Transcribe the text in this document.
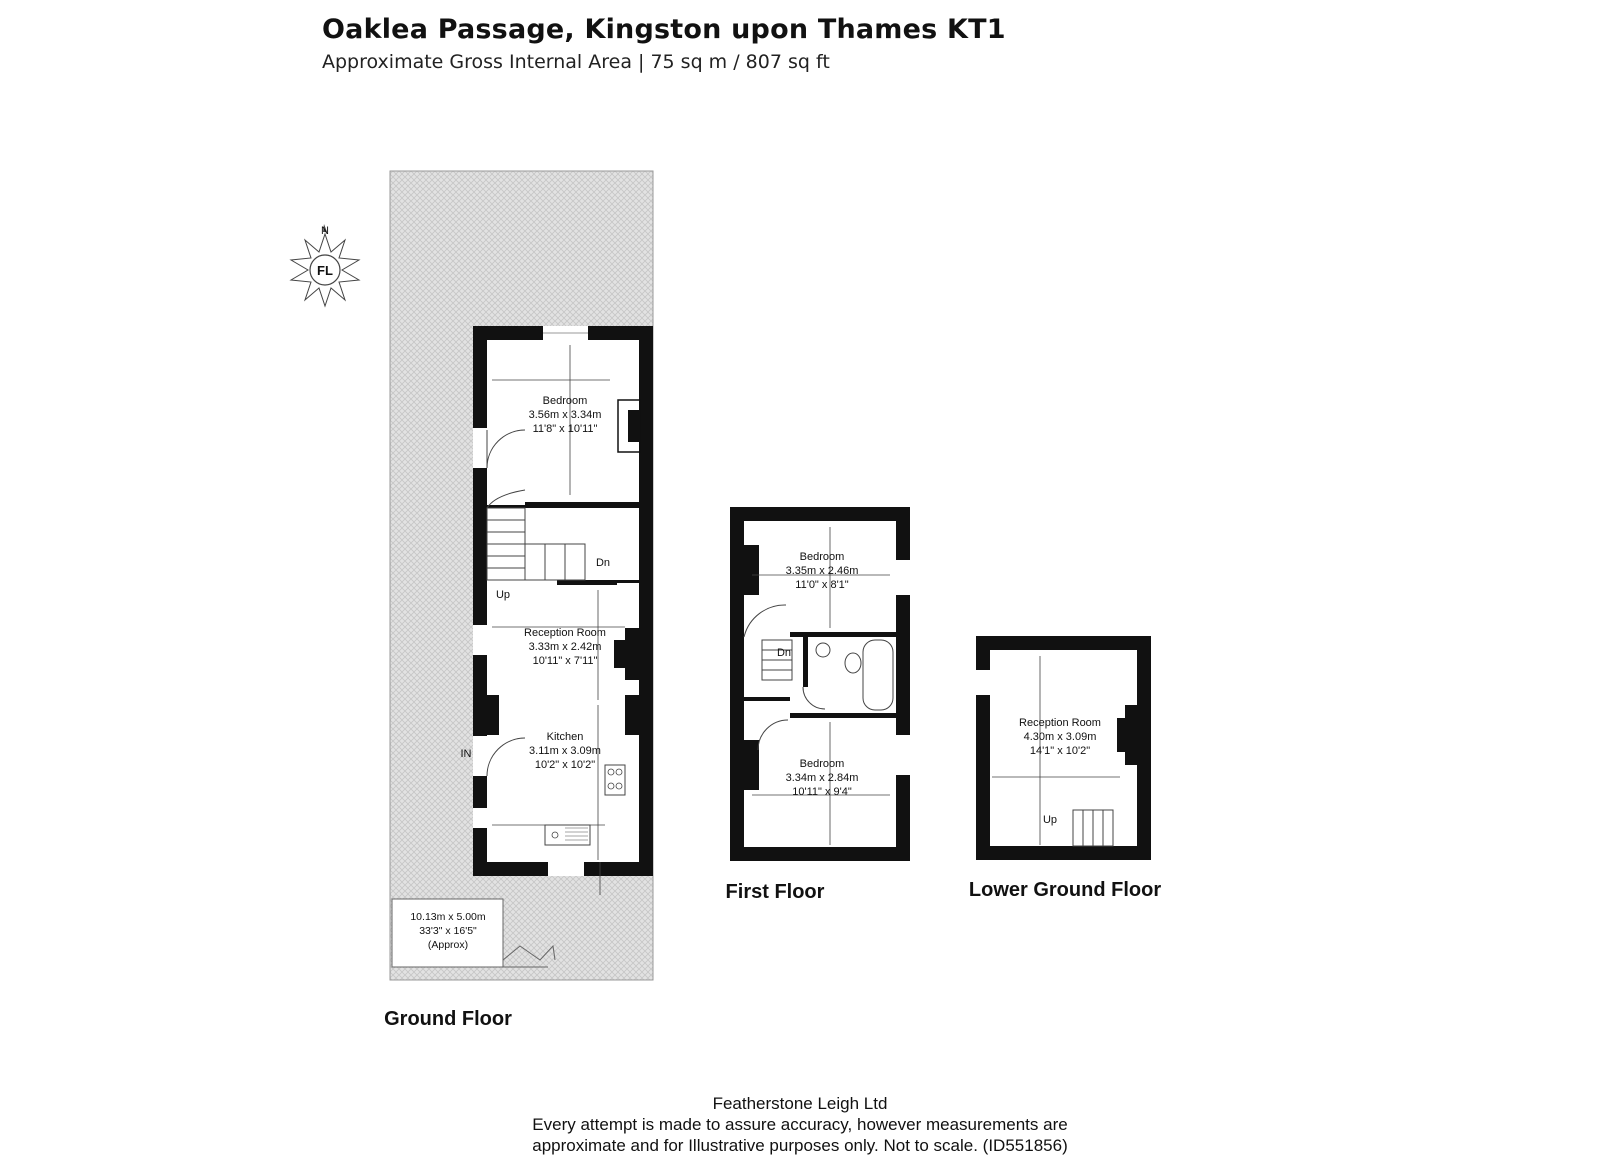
Oaklea Passage, Kingston upon Thames KT1
Approximate Gross Internal Area | 75 sq m / 807 sq ft
N
FL
Bedroom
3.56m x 3.34m
11'8" x 10'11"
Reception Room
3.33m x 2.42m
10'11" x 7'11"
Kitchen
3.11m x 3.09m
10'2" x 10'2"
Up
Dn
IN
10.13m x 5.00m
33'3" x 16'5"
(Approx)
Bedroom
3.35m x 2.46m
11'0" x 8'1"
Bedroom
3.34m x 2.84m
10'11" x 9'4"
Dn
Reception Room
4.30m x 3.09m
14'1" x 10'2"
Up
Ground Floor
First Floor	Lower Ground Floor
Featherstone Leigh Ltd
Every attempt is made to assure accuracy, however measurements are
approximate and for Illustrative purposes only. Not to scale. (ID551856)
